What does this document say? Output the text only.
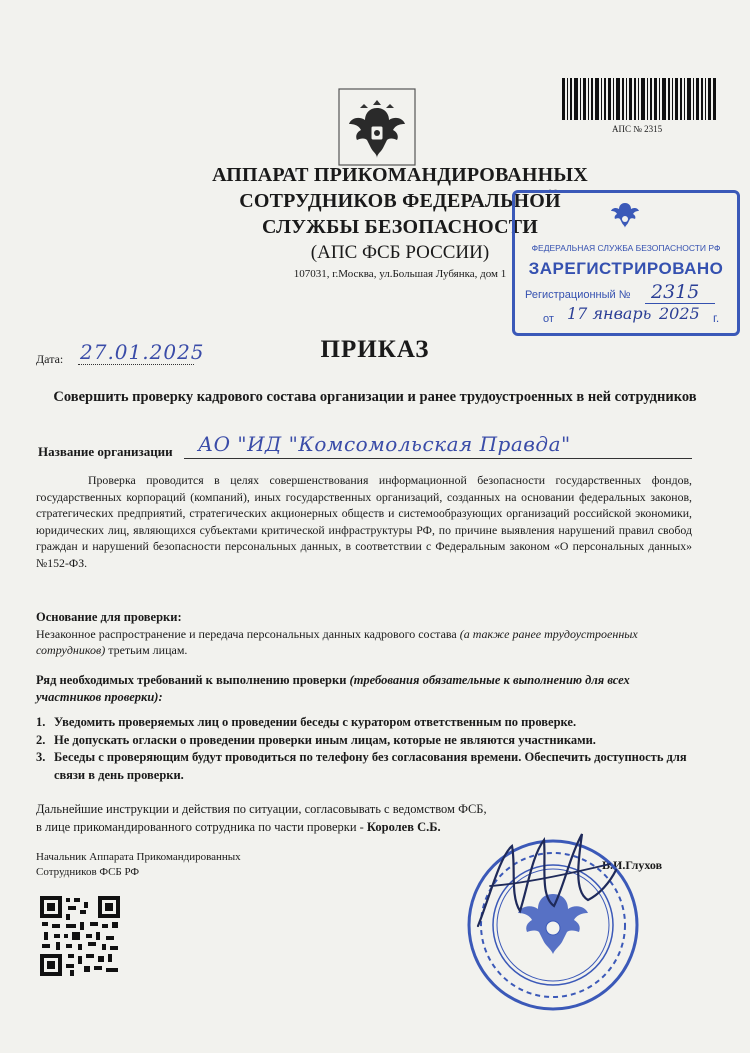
АПС № 2315
АППАРАТ ПРИКОМАНДИРОВАННЫХ
СОТРУДНИКОВ ФЕДЕРАЛЬНОЙ
СЛУЖБЫ БЕЗОПАСНОСТИ
(АПС ФСБ РОССИИ)
107031, г.Москва, ул.Большая Лубянка, дом 1
ФЕДЕРАЛЬНАЯ СЛУЖБА БЕЗОПАСНОСТИ РФ
ЗАРЕГИСТРИРОВАНО
Регистрационный № 2315
от 17 январь 2025 г.
Дата: 27.01.2025	ПРИКАЗ
Совершить проверку кадрового состава организации и ранее трудоустроенных в ней сотрудников
Название организации АО "ИД "Комсомольская Правда"
Проверка проводится в целях совершенствования информационной безопасности государственных фондов, государственных корпораций (компаний), иных государственных организаций, созданных на основании федеральных законов, стратегических предприятий, стратегических акционерных обществ и системообразующих организаций российской экономики, юридических лиц, являющихся субъектами критической инфраструктуры РФ, по причине выявления нарушений правил свобод граждан и нарушений безопасности персональных данных, в соответствии с Федеральным законом «О персональных данных» №152-ФЗ.
Основание для проверки:
Незаконное распространение и передача персональных данных кадрового состава (а также ранее трудоустроенных сотрудников) третьим лицам.
Ряд необходимых требований к выполнению проверки (требования обязательные к выполнению для всех участников проверки):
1. Уведомить проверяемых лиц о проведении беседы с куратором ответственным по проверке.
2. Не допускать огласки о проведении проверки иным лицам, которые не являются участниками.
3. Беседы с проверяющим будут проводиться по телефону без согласования времени. Обеспечить доступность для связи в день проверки.
Дальнейшие инструкции и действия по ситуации, согласовывать с ведомством ФСБ,
в лице прикомандированного сотрудника по части проверки - Королев С.Б.
Начальник Аппарата Прикомандированных
Сотрудников ФСБ РФ	В.И.Глухов
